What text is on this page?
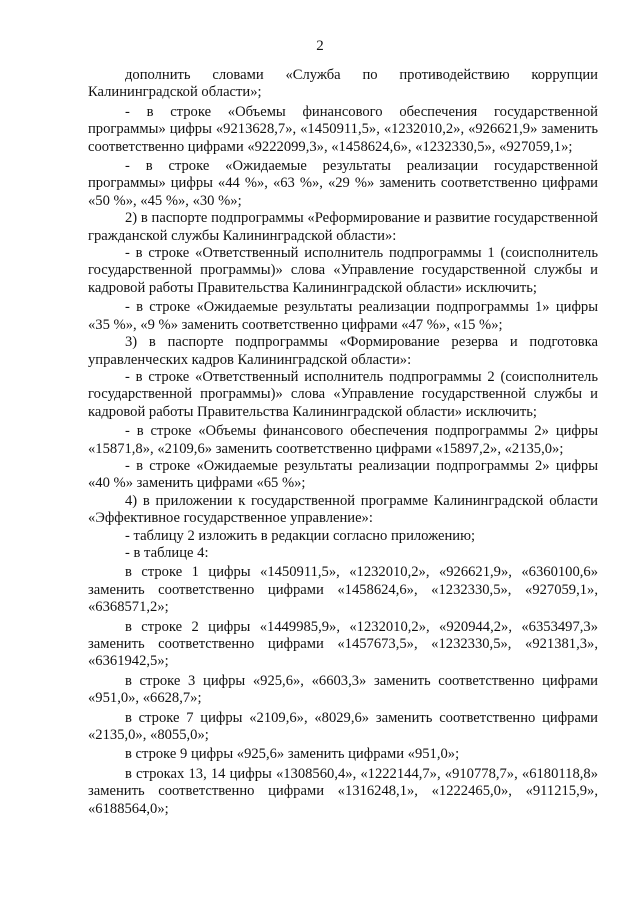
2

дополнить словами «Служба по противодействию коррупции Калининградской области»;

- в строке «Объемы финансового обеспечения государственной программы» цифры «9213628,7», «1450911,5», «1232010,2», «926621,9» заменить соответственно цифрами «9222099,3», «1458624,6», «1232330,5», «927059,1»;

- в строке «Ожидаемые результаты реализации государственной программы» цифры «44 %», «63 %», «29 %» заменить соответственно цифрами «50 %», «45 %», «30 %»;

2) в паспорте подпрограммы «Реформирование и развитие государственной гражданской службы Калининградской области»:

- в строке «Ответственный исполнитель подпрограммы 1 (соисполнитель государственной программы)» слова «Управление государственной службы и кадровой работы Правительства Калининградской области» исключить;

- в строке «Ожидаемые результаты реализации подпрограммы 1» цифры «35 %», «9 %» заменить соответственно цифрами «47 %», «15 %»;

3) в паспорте подпрограммы «Формирование резерва и подготовка управленческих кадров Калининградской области»:

- в строке «Ответственный исполнитель подпрограммы 2 (соисполнитель государственной программы)» слова «Управление государственной службы и кадровой работы Правительства Калининградской области» исключить;

- в строке «Объемы финансового обеспечения подпрограммы 2» цифры «15871,8», «2109,6» заменить соответственно цифрами «15897,2», «2135,0»;

- в строке «Ожидаемые результаты реализации подпрограммы 2» цифры «40 %» заменить цифрами «65 %»;

4) в приложении к государственной программе Калининградской области «Эффективное государственное управление»:

- таблицу 2 изложить в редакции согласно приложению;

- в таблице 4:

в строке 1 цифры «1450911,5», «1232010,2», «926621,9», «6360100,6» заменить соответственно цифрами «1458624,6», «1232330,5», «927059,1», «6368571,2»;

в строке 2 цифры «1449985,9», «1232010,2», «920944,2», «6353497,3» заменить соответственно цифрами «1457673,5», «1232330,5», «921381,3», «6361942,5»;

в строке 3 цифры «925,6», «6603,3» заменить соответственно цифрами «951,0», «6628,7»;

в строке 7 цифры «2109,6», «8029,6» заменить соответственно цифрами «2135,0», «8055,0»;

в строке 9 цифры «925,6» заменить цифрами «951,0»;

в строках 13, 14 цифры «1308560,4», «1222144,7», «910778,7», «6180118,8» заменить соответственно цифрами «1316248,1», «1222465,0», «911215,9», «6188564,0»;
